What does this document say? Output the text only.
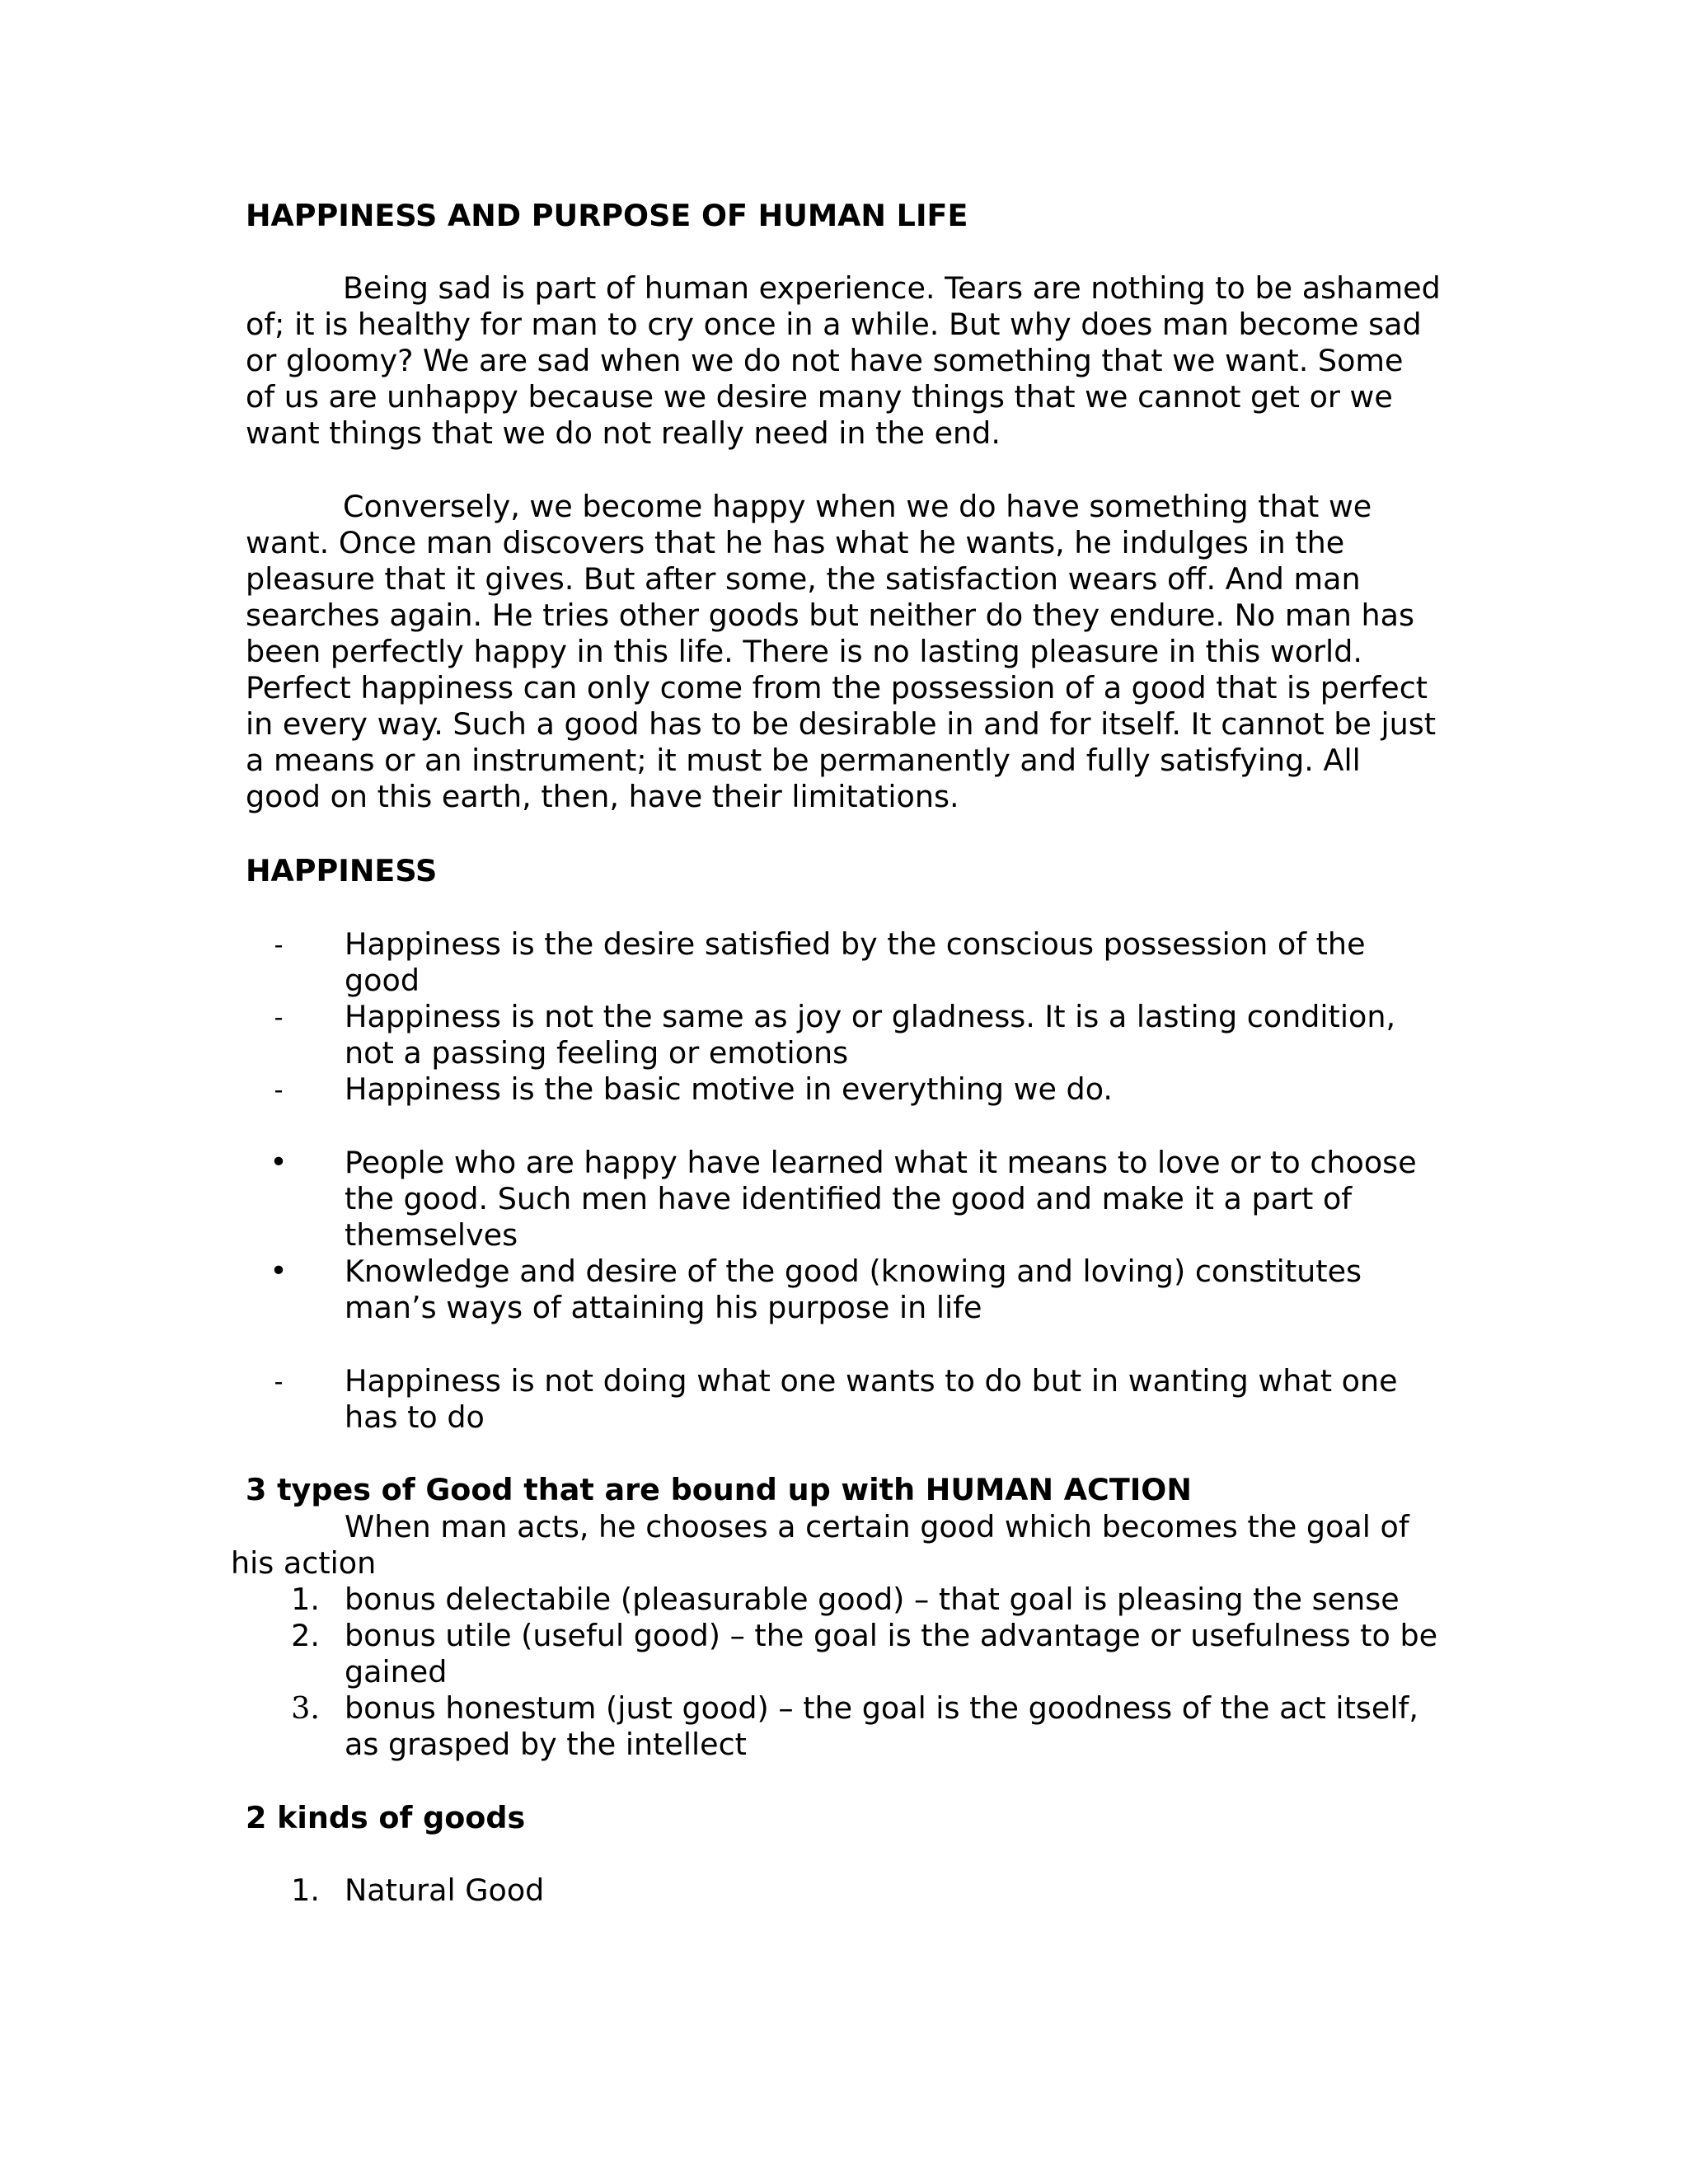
HAPPINESS AND PURPOSE OF HUMAN LIFE
Being sad is part of human experience. Tears are nothing to be ashamed of; it is healthy for man to cry once in a while. But why does man become sad or gloomy? We are sad when we do not have something that we want. Some of us are unhappy because we desire many things that we cannot get or we want things that we do not really need in the end.
Conversely, we become happy when we do have something that we want. Once man discovers that he has what he wants, he indulges in the pleasure that it gives. But after some, the satisfaction wears off. And man searches again. He tries other goods but neither do they endure. No man has been perfectly happy in this life. There is no lasting pleasure in this world. Perfect happiness can only come from the possession of a good that is perfect in every way. Such a good has to be desirable in and for itself. It cannot be just a means or an instrument; it must be permanently and fully satisfying. All good on this earth, then, have their limitations.
HAPPINESS
-	Happiness is the desire satisfied by the conscious possession of the good
-	Happiness is not the same as joy or gladness. It is a lasting condition, not a passing feeling or emotions
-	Happiness is the basic motive in everything we do.
•	People who are happy have learned what it means to love or to choose the good. Such men have identified the good and make it a part of themselves
•	Knowledge and desire of the good (knowing and loving) constitutes man’s ways of attaining his purpose in life
-	Happiness is not doing what one wants to do but in wanting what one has to do
3 types of Good that are bound up with HUMAN ACTION
When man acts, he chooses a certain good which becomes the goal of his action
1. bonus delectabile (pleasurable good) – that goal is pleasing the sense
2. bonus utile (useful good) – the goal is the advantage or usefulness to be gained
3. bonus honestum (just good) – the goal is the goodness of the act itself, as grasped by the intellect
2 kinds of goods
1. Natural Good
